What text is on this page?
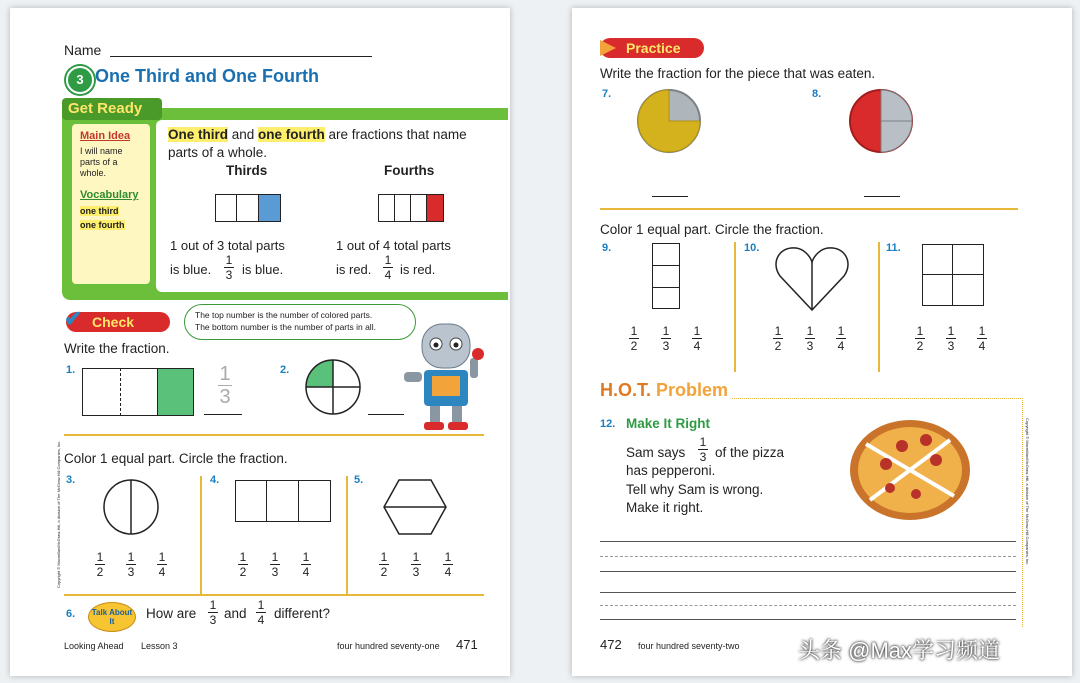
Name
3 One Third and One Fourth
Get Ready
Main Idea
I will name parts of a whole.
Vocabulary
one third
one fourth
One third and one fourth are fractions that name parts of a whole.
Thirds	Fourths
1 out of 3 total parts
is blue.
1
3 is blue.
1 out of 4 total parts
is red.
1
4 is red.
Check
✔	The top number is the number of colored parts.
The bottom number is the number of parts in all.
Write the fraction.
1.	1
3
2.
Color 1 equal part. Circle the fraction.
3.
1
2
1
3
1
4
4.
1
2
1
3
1
4
5.
1
2
1
3
1
4
6.	Talk About It
How are
1
3 and
1
4 different?
Looking Ahead Lesson 3	four hundred seventy-one 471
Copyright © Macmillan/McGraw-Hill, a division of The McGraw-Hill Companies, Inc.
Practice
Write the fraction for the piece that was eaten.
7.	8.
Color 1 equal part. Circle the fraction.
9.
1
2
1
3
1
4
10.
1
2
1
3
1
4
11.
1
2
1
3
1
4
H.O.T. Problem
12. Make It Right
Sam says
1
3 of the pizza
has pepperoni.
Tell why Sam is wrong.
Make it right.
472 four hundred seventy-two
Copyright © Macmillan/McGraw-Hill, a division of The McGraw-Hill Companies, Inc.
头条 @Max学习频道
